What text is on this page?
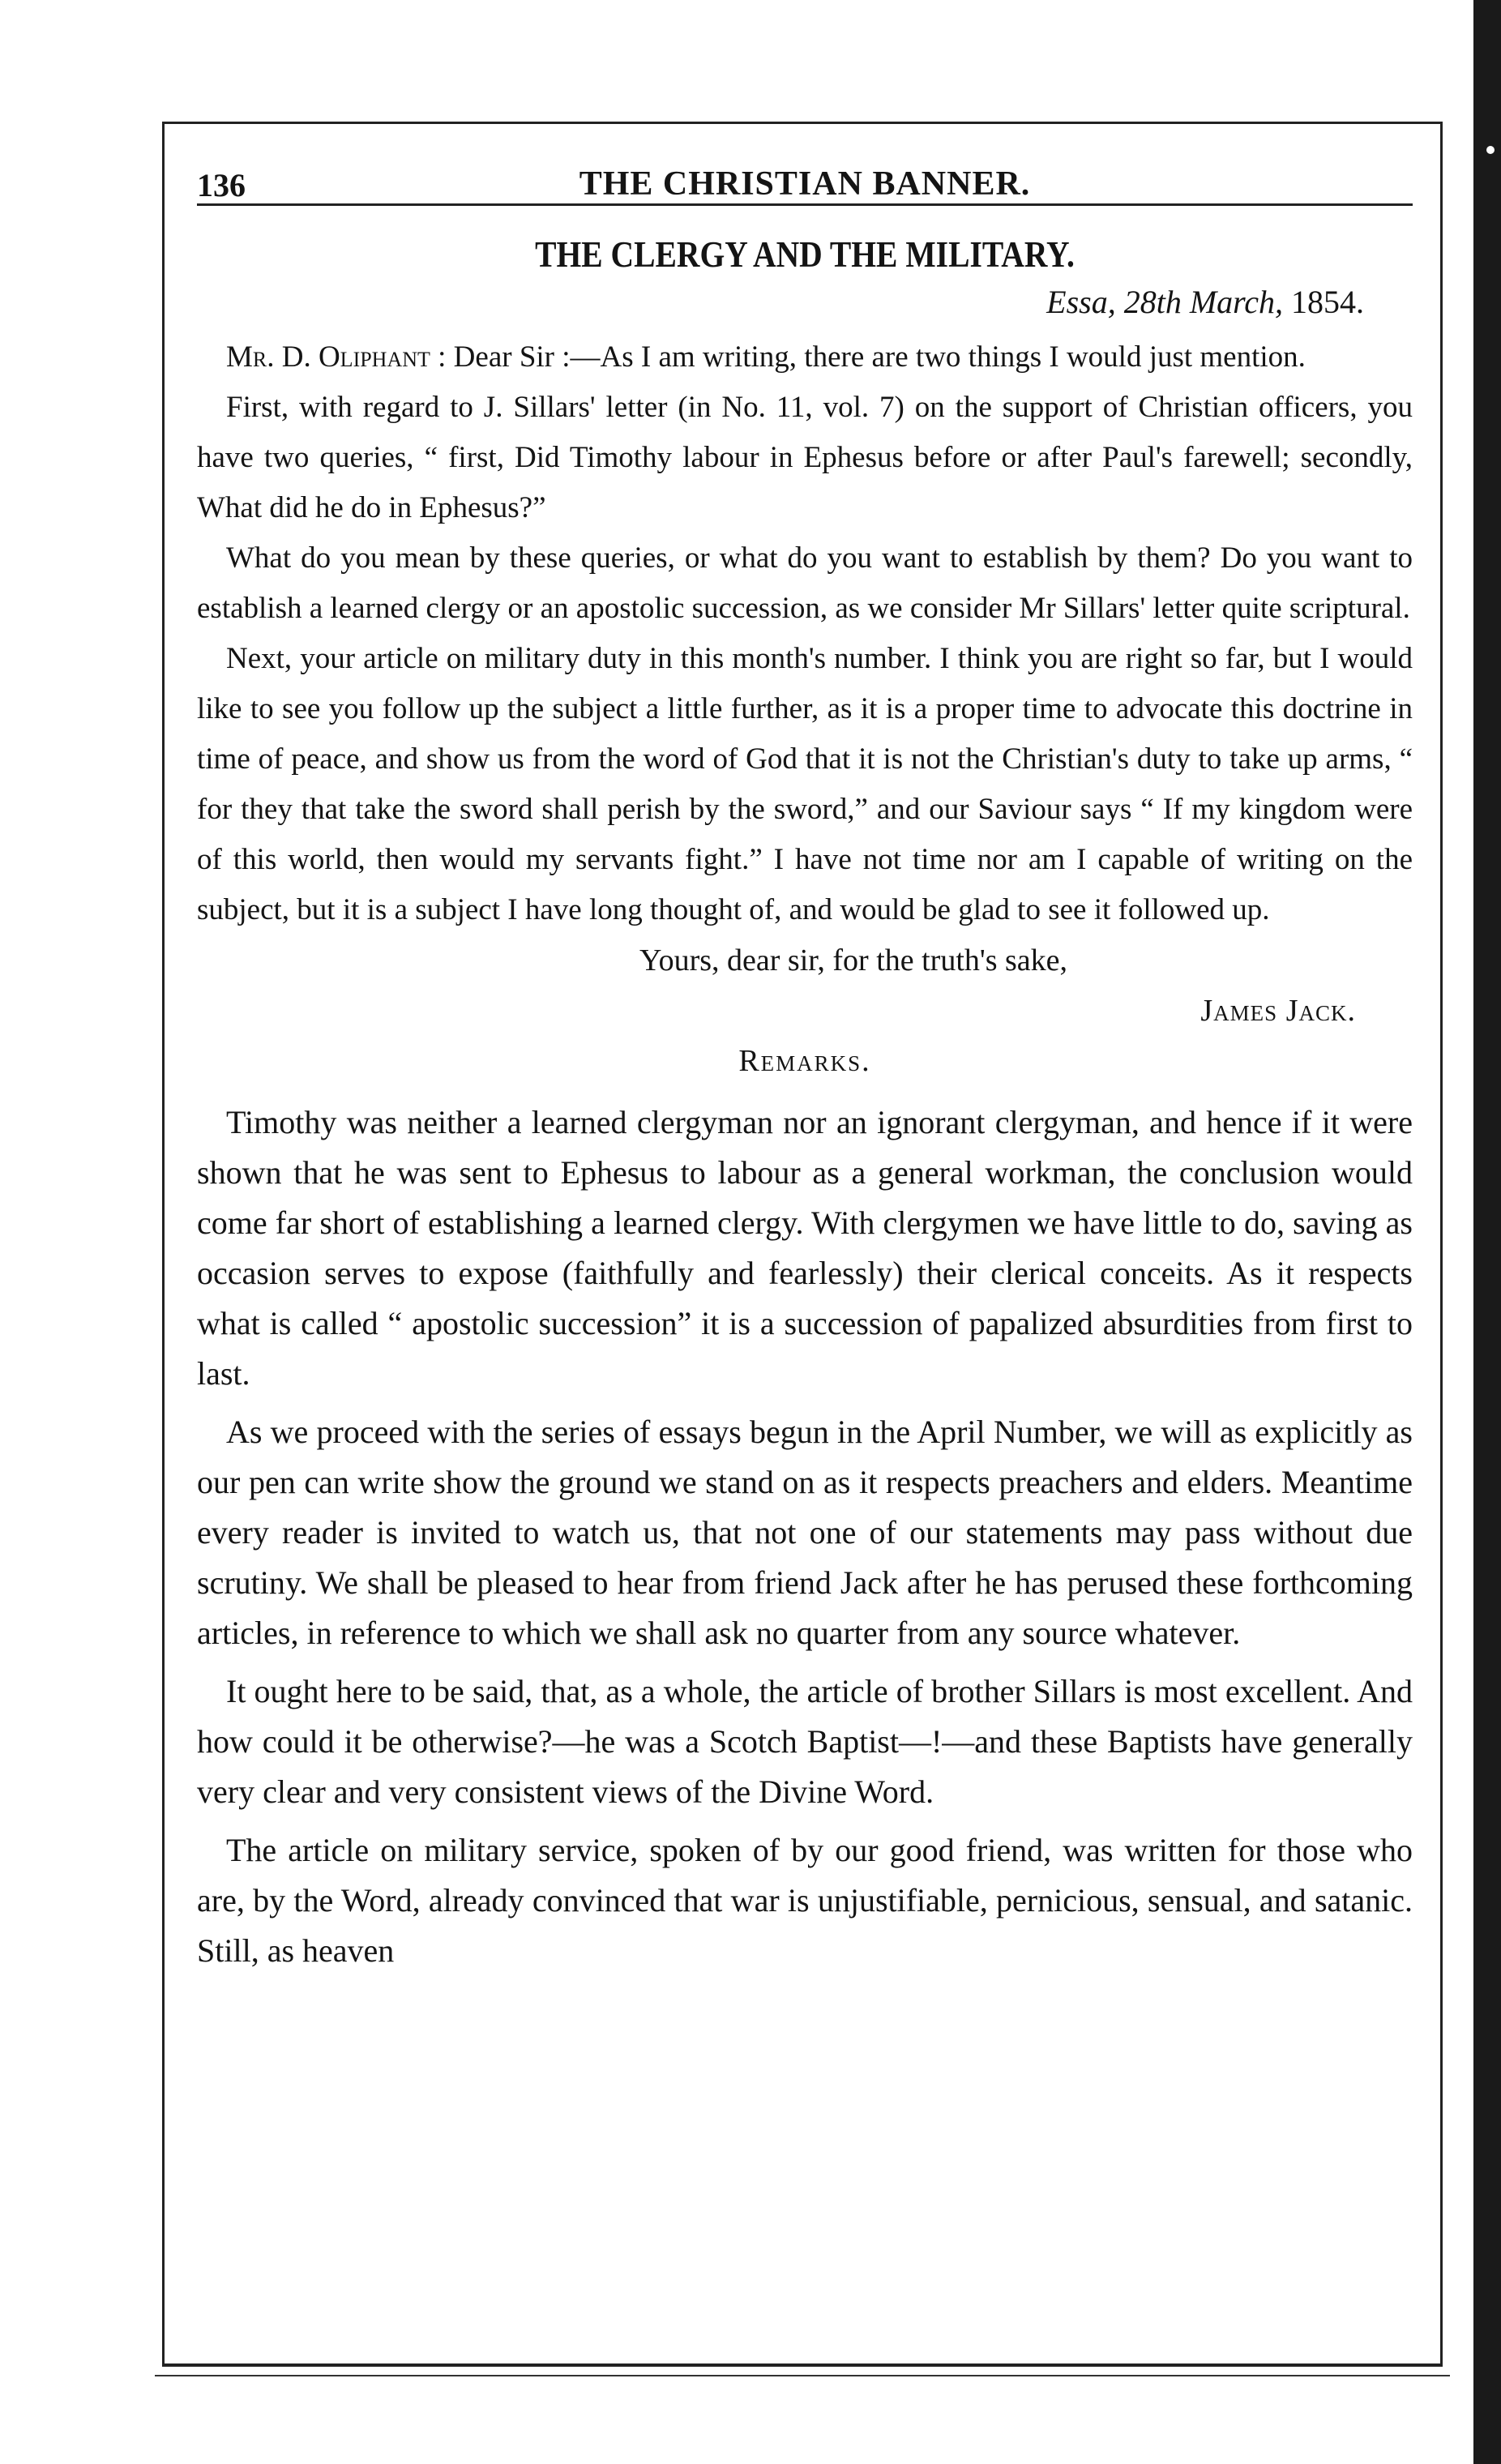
136	THE CHRISTIAN BANNER.
THE CLERGY AND THE MILITARY.
Essa, 28th March, 1854.

Mr. D. Oliphant : Dear Sir :—As I am writing, there are two things I would just mention.

First, with regard to J. Sillars' letter (in No. 11, vol. 7) on the support of Christian officers, you have two queries, “ first, Did Timothy labour in Ephesus before or after Paul's farewell; secondly, What did he do in Ephesus?”

What do you mean by these queries, or what do you want to establish by them? Do you want to establish a learned clergy or an apostolic succession, as we consider Mr Sillars' letter quite scriptural.

Next, your article on military duty in this month's number. I think you are right so far, but I would like to see you follow up the subject a little further, as it is a proper time to advocate this doctrine in time of peace, and show us from the word of God that it is not the Christian's duty to take up arms, “ for they that take the sword shall perish by the sword,” and our Saviour says “ If my kingdom were of this world, then would my servants fight.” I have not time nor am I capable of writing on the subject, but it is a subject I have long thought of, and would be glad to see it followed up.

Yours, dear sir, for the truth's sake,
James Jack.
Remarks.

Timothy was neither a learned clergyman nor an ignorant clergyman, and hence if it were shown that he was sent to Ephesus to labour as a general workman, the conclusion would come far short of establishing a learned clergy. With clergymen we have little to do, saving as occasion serves to expose (faithfully and fearlessly) their clerical conceits. As it respects what is called “ apostolic succession” it is a succession of papalized absurdities from first to last.

As we proceed with the series of essays begun in the April Number, we will as explicitly as our pen can write show the ground we stand on as it respects preachers and elders. Meantime every reader is invited to watch us, that not one of our statements may pass without due scrutiny. We shall be pleased to hear from friend Jack after he has perused these forthcoming articles, in reference to which we shall ask no quarter from any source whatever.

It ought here to be said, that, as a whole, the article of brother Sillars is most excellent. And how could it be otherwise?—he was a Scotch Baptist—!—and these Baptists have generally very clear and very consistent views of the Divine Word.

The article on military service, spoken of by our good friend, was written for those who are, by the Word, already convinced that war is unjustifiable, pernicious, sensual, and satanic. Still, as heaven
